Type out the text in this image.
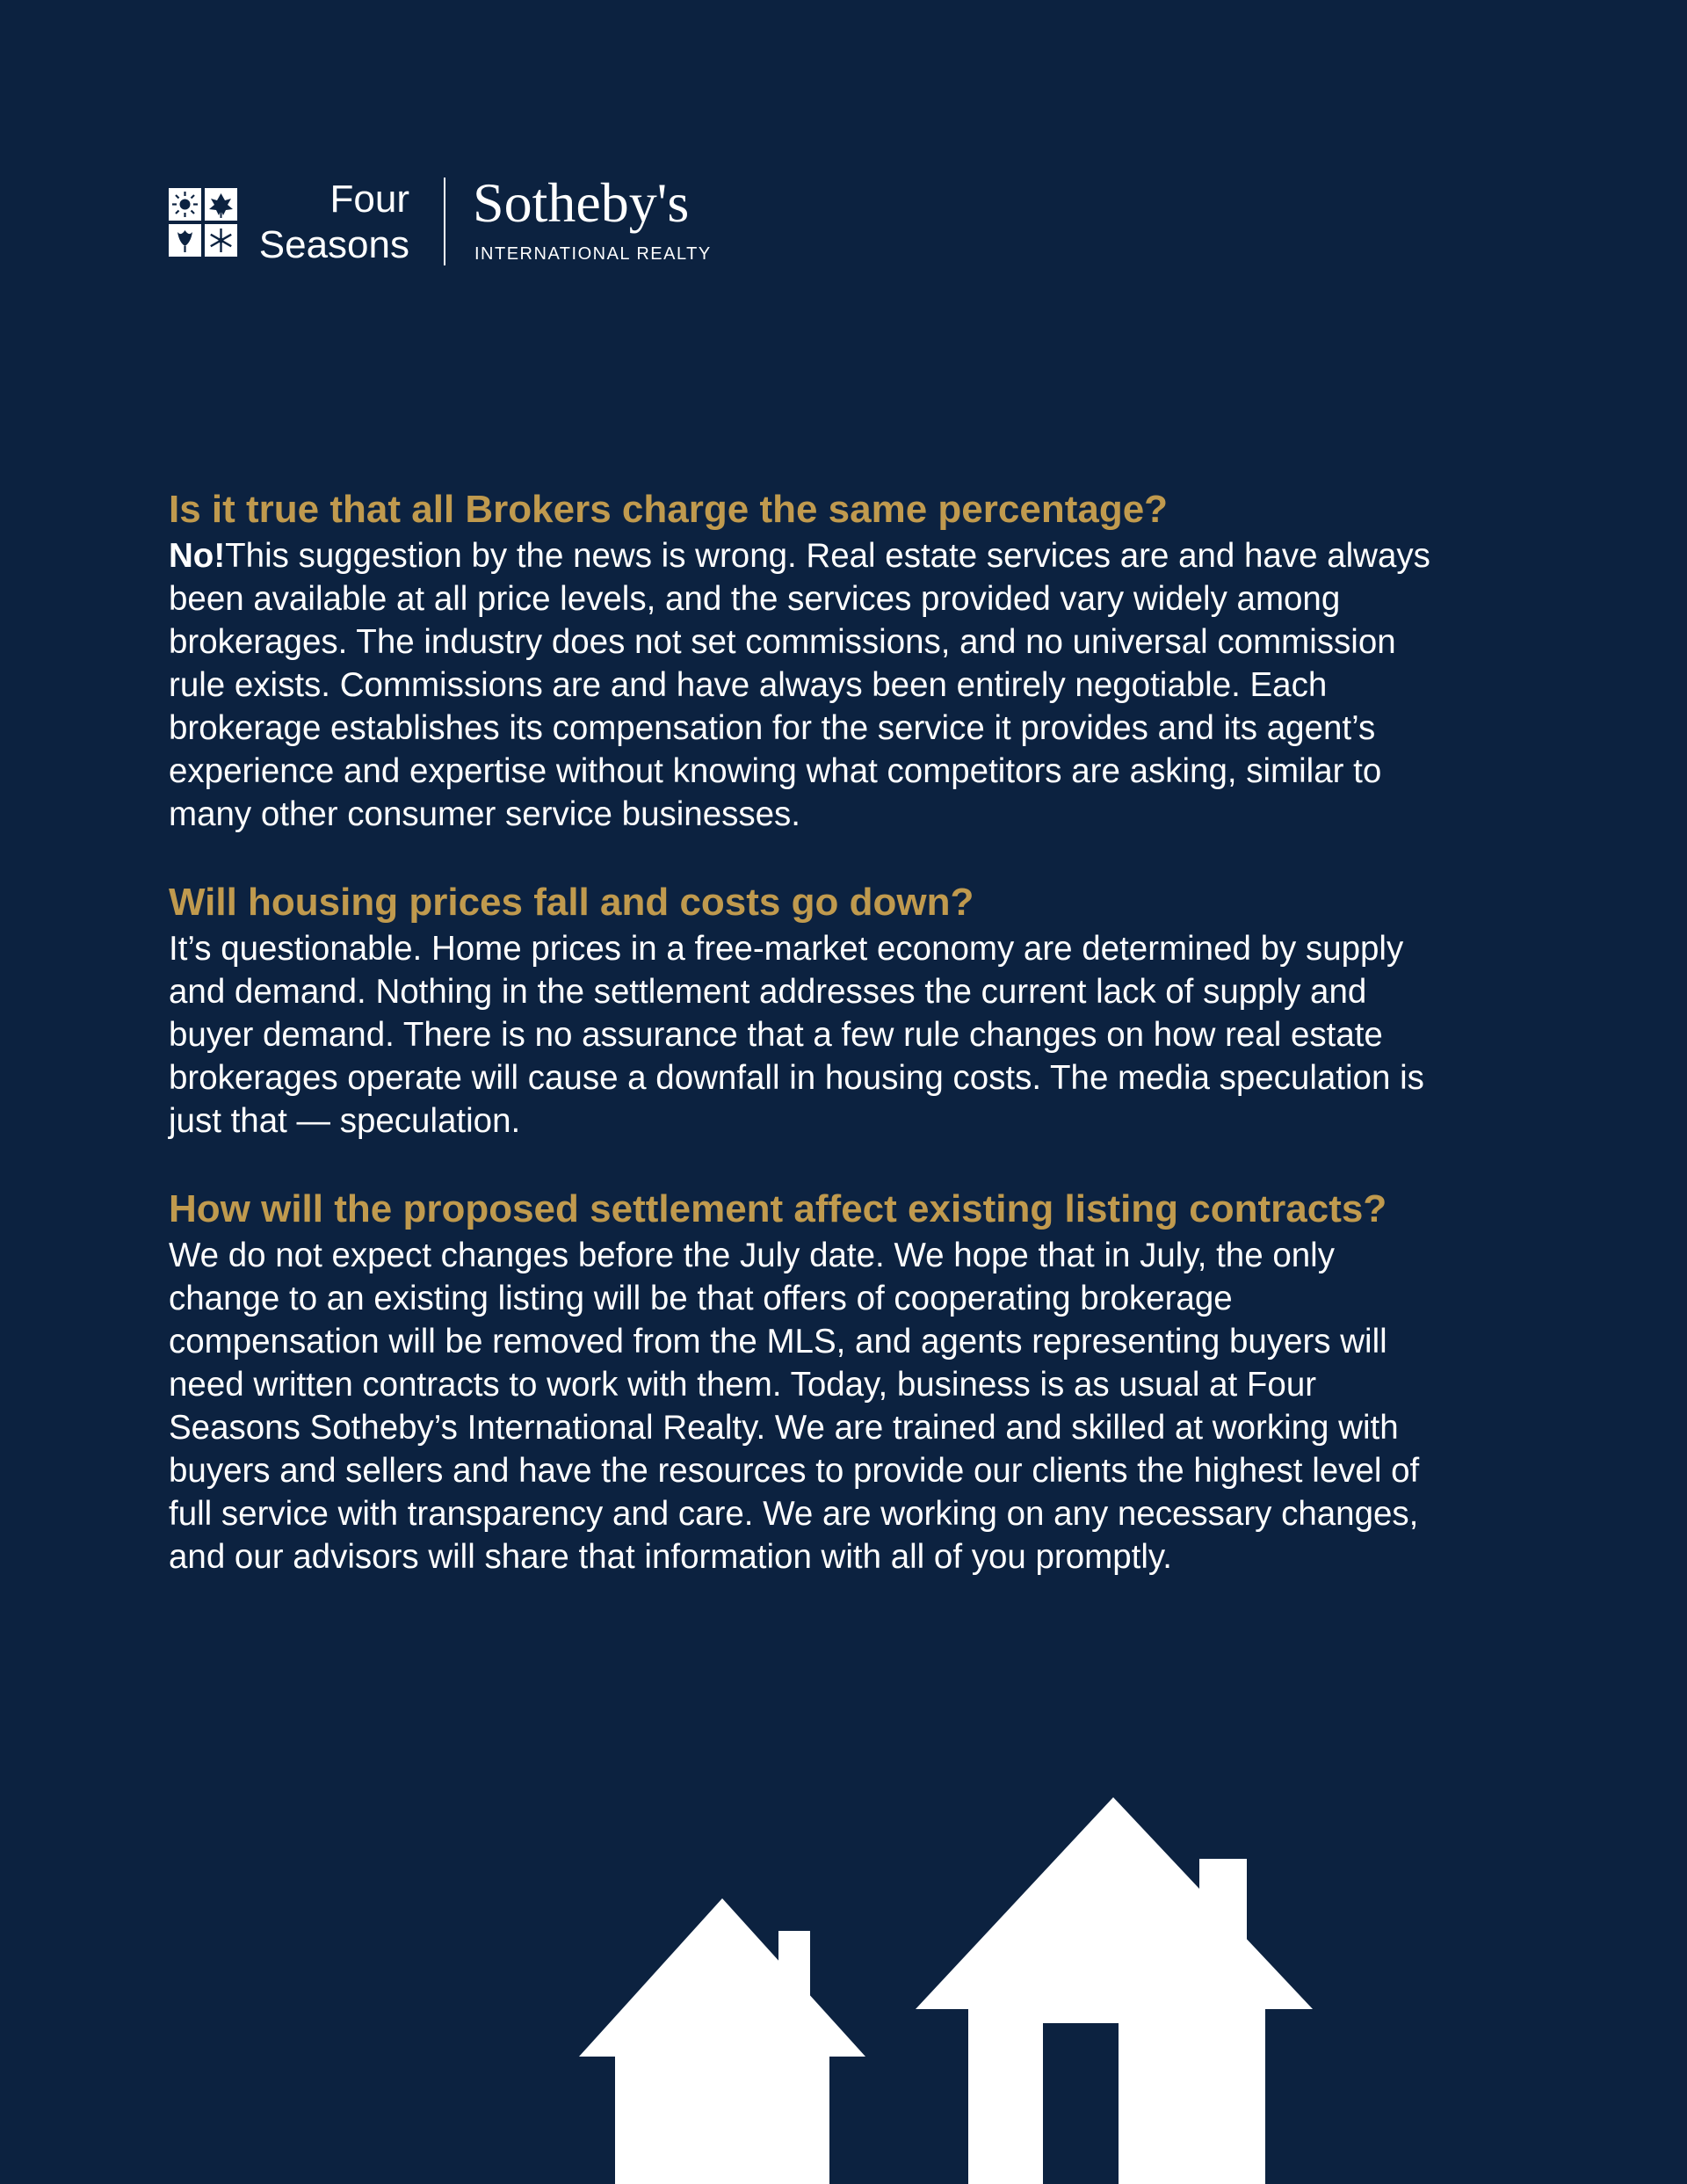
Four
Seasons
Sotheby's
INTERNATIONAL REALTY
Is it true that all Brokers charge the same percentage?

No!This suggestion by the news is wrong. Real estate services are and have always been available at all price levels, and the services provided vary widely among brokerages. The industry does not set commissions, and no universal commission rule exists. Commissions are and have always been entirely negotiable. Each brokerage establishes its compensation for the service it provides and its agent’s experience and expertise without knowing what competitors are asking, similar to many other consumer service businesses.

Will housing prices fall and costs go down?

It’s questionable. Home prices in a free-market economy are determined by supply and demand. Nothing in the settlement addresses the current lack of supply and buyer demand. There is no assurance that a few rule changes on how real estate brokerages operate will cause a downfall in housing costs. The media speculation is just that — speculation.

How will the proposed settlement affect existing listing contracts?

We do not expect changes before the July date. We hope that in July, the only change to an existing listing will be that offers of cooperating brokerage compensation will be removed from the MLS, and agents representing buyers will need written contracts to work with them. Today, business is as usual at Four Seasons Sotheby’s International Realty. We are trained and skilled at working with buyers and sellers and have the resources to provide our clients the highest level of full service with transparency and care. We are working on any necessary changes, and our advisors will share that information with all of you promptly.
